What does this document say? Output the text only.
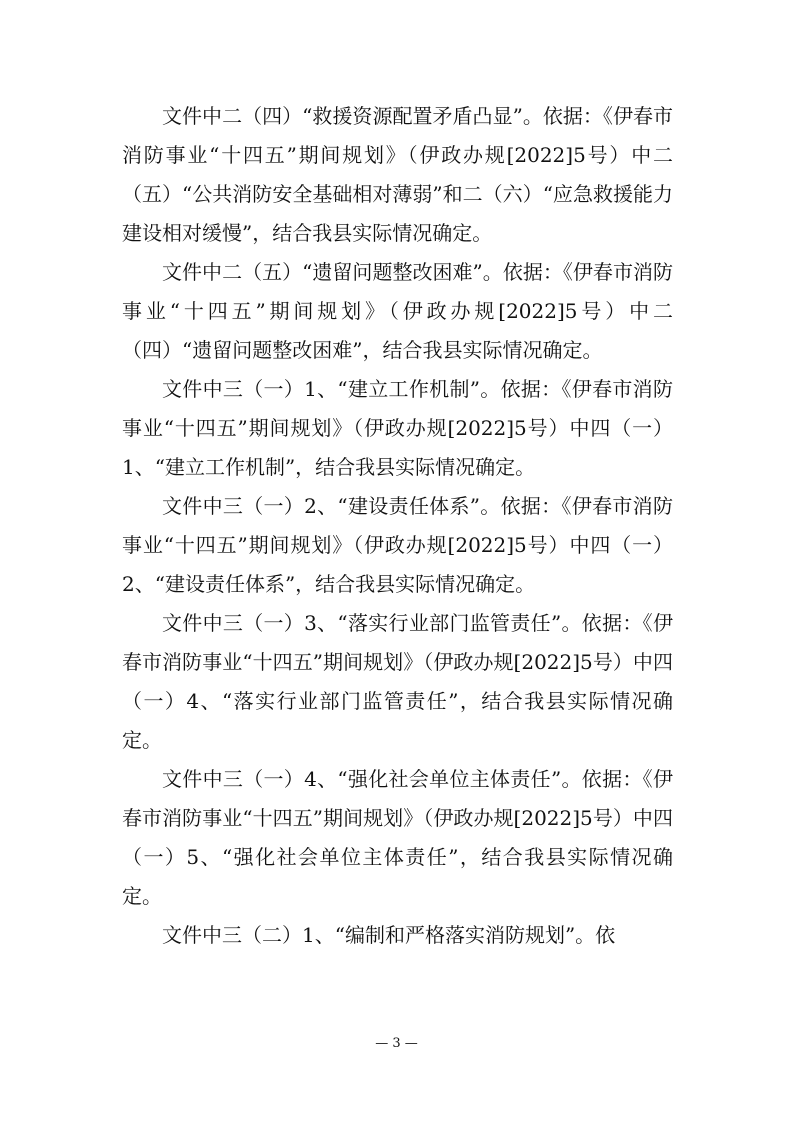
文件中二（四）“救援资源配置矛盾凸显”。依据：《伊春市消防事业“十四五”期间规划》（伊政办规[2022]5号）中二（五）“公共消防安全基础相对薄弱”和二（六）“应急救援能力建设相对缓慢”，结合我县实际情况确定。

文件中二（五）“遗留问题整改困难”。依据：《伊春市消防事业“十四五”期间规划》（伊政办规[2022]5号）中二（四）“遗留问题整改困难”，结合我县实际情况确定。

文件中三（一）1、“建立工作机制”。依据：《伊春市消防事业“十四五”期间规划》（伊政办规[2022]5号）中四（一）1、“建立工作机制”，结合我县实际情况确定。

文件中三（一）2、“建设责任体系”。依据：《伊春市消防事业“十四五”期间规划》（伊政办规[2022]5号）中四（一）2、“建设责任体系”，结合我县实际情况确定。

文件中三（一）3、“落实行业部门监管责任”。依据：《伊春市消防事业“十四五”期间规划》（伊政办规[2022]5号）中四（一）4、“落实行业部门监管责任”，结合我县实际情况确定。

文件中三（一）4、“强化社会单位主体责任”。依据：《伊春市消防事业“十四五”期间规划》（伊政办规[2022]5号）中四（一）5、“强化社会单位主体责任”，结合我县实际情况确定。

文件中三（二）1、“编制和严格落实消防规划”。依

— 3 —
